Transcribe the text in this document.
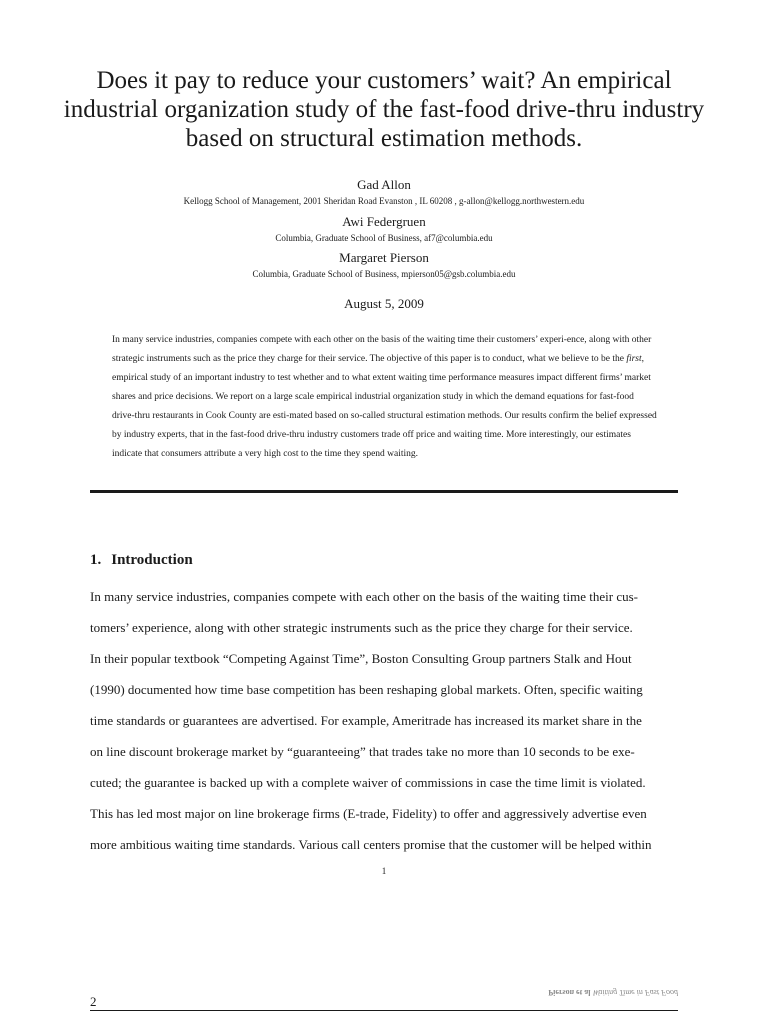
Does it pay to reduce your customers’ wait? An empirical industrial organization study of the fast-food drive-thru industry based on structural estimation methods.

Gad Allon

Kellogg School of Management, 2001 Sheridan Road Evanston , IL 60208 , g-allon@kellogg.northwestern.edu

Awi Federgruen

Columbia, Graduate School of Business, af7@columbia.edu

Margaret Pierson

Columbia, Graduate School of Business, mpierson05@gsb.columbia.edu

August 5, 2009

In many service industries, companies compete with each other on the basis of the waiting time their customers’ experi-ence, along with other strategic instruments such as the price they charge for their service. The objective of this paper is to conduct, what we believe to be the first, empirical study of an important industry to test whether and to what extent waiting time performance measures impact different firms’ market shares and price decisions. We report on a large scale empirical industrial organization study in which the demand equations for fast-food drive-thru restaurants in Cook County are esti-mated based on so-called structural estimation methods. Our results confirm the belief expressed by industry experts, that in the fast-food drive-thru industry customers trade off price and waiting time. More interestingly, our estimates indicate that consumers attribute a very high cost to the time they spend waiting.

1. Introduction
In many service industries, companies compete with each other on the basis of the waiting time their cus-
tomers’ experience, along with other strategic instruments such as the price they charge for their service.
In their popular textbook “Competing Against Time”, Boston Consulting Group partners Stalk and Hout
(1990) documented how time base competition has been reshaping global markets. Often, specific waiting
time standards or guarantees are advertised. For example, Ameritrade has increased its market share in the
on line discount brokerage market by “guaranteeing” that trades take no more than 10 seconds to be exe-
cuted; the guarantee is backed up with a complete waiver of commissions in case the time limit is violated.
This has led most major on line brokerage firms (E-trade, Fidelity) to offer and aggressively advertise even
more ambitious waiting time standards. Various call centers promise that the customer will be helped within
1
2
Pierson et al Waiting Time in Fast Food
